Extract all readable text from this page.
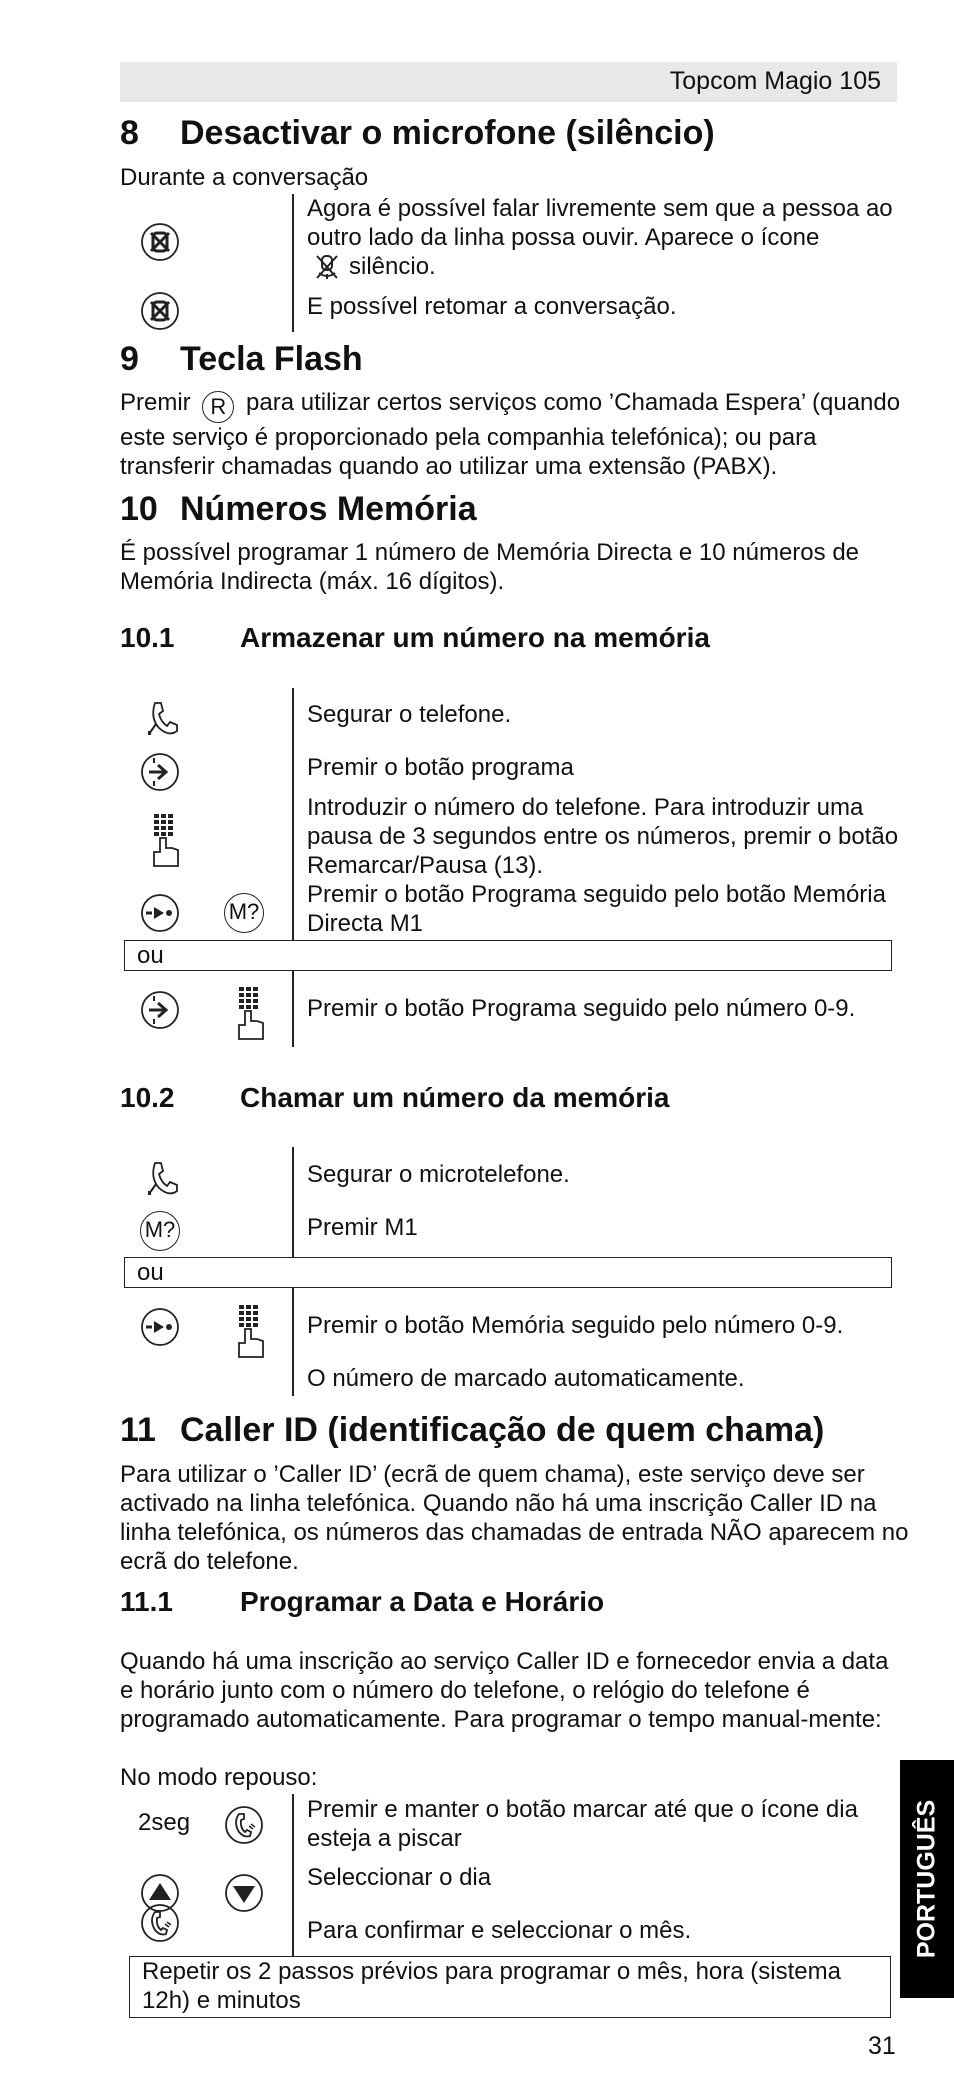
Topcom Magio 105
8 Desactivar o microfone (silêncio)
Durante a conversação
Agora é possível falar livremente sem que a pessoa ao outro lado da linha possa ouvir. Aparece o ícone
silêncio.
E possível retomar a conversação.
9 Tecla Flash
Premir R para utilizar certos serviços como ’Chamada Espera’ (quando este serviço é proporcionado pela companhia telefónica); ou para transferir chamadas quando ao utilizar uma extensão (PABX).
10 Números Memória
É possível programar 1 número de Memória Directa e 10 números de Memória Indirecta (máx. 16 dígitos).
10.1 Armazenar um número na memória
Segurar o telefone.
Premir o botão programa
Introduzir o número do telefone. Para introduzir uma pausa de 3 segundos entre os números, premir o botão Remarcar/Pausa (13).
M?
Premir o botão Programa seguido pelo botão Memória Directa M1
ou
Premir o botão Programa seguido pelo número 0-9.
10.2 Chamar um número da memória
Segurar o microtelefone.
M?	Premir M1
ou
Premir o botão Memória seguido pelo número 0-9.
O número de marcado automaticamente.
11 Caller ID (identificação de quem chama)
Para utilizar o ’Caller ID’ (ecrã de quem chama), este serviço deve ser activado na linha telefónica. Quando não há uma inscrição Caller ID na linha telefónica, os números das chamadas de entrada NÃO aparecem no ecrã do telefone.
11.1 Programar a Data e Horário
Quando há uma inscrição ao serviço Caller ID e fornecedor envia a data e horário junto com o número do telefone, o relógio do telefone é programado automaticamente. Para programar o tempo manual-mente:
No modo repouso:
2seg	Premir e manter o botão marcar até que o ícone dia esteja a piscar
Seleccionar o dia
Para confirmar e seleccionar o mês.
Repetir os 2 passos prévios para programar o mês, hora (sistema 12h) e minutos
PORTUGUÊS
31
